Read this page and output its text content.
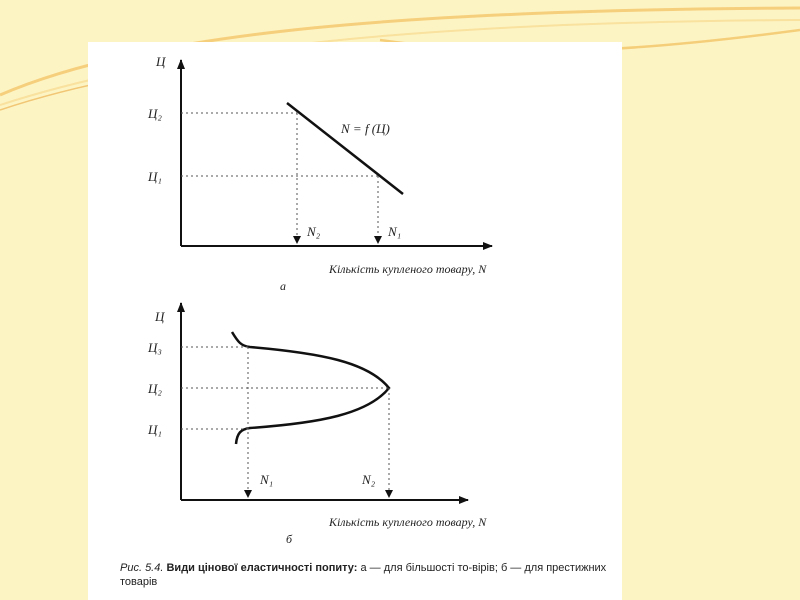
Ц
Ц₂
Ц₁
N = f (Ц)
N₂	N₁
Кількість купленого товару, N
а
Ц
Ц₃
Ц₂
Ц₁
N₁	N₂
Кількість купленого товару, N
б
Рис. 5.4. Види цінової еластичності попиту: а — для більшості то-вірів; б — для престижних товарів
